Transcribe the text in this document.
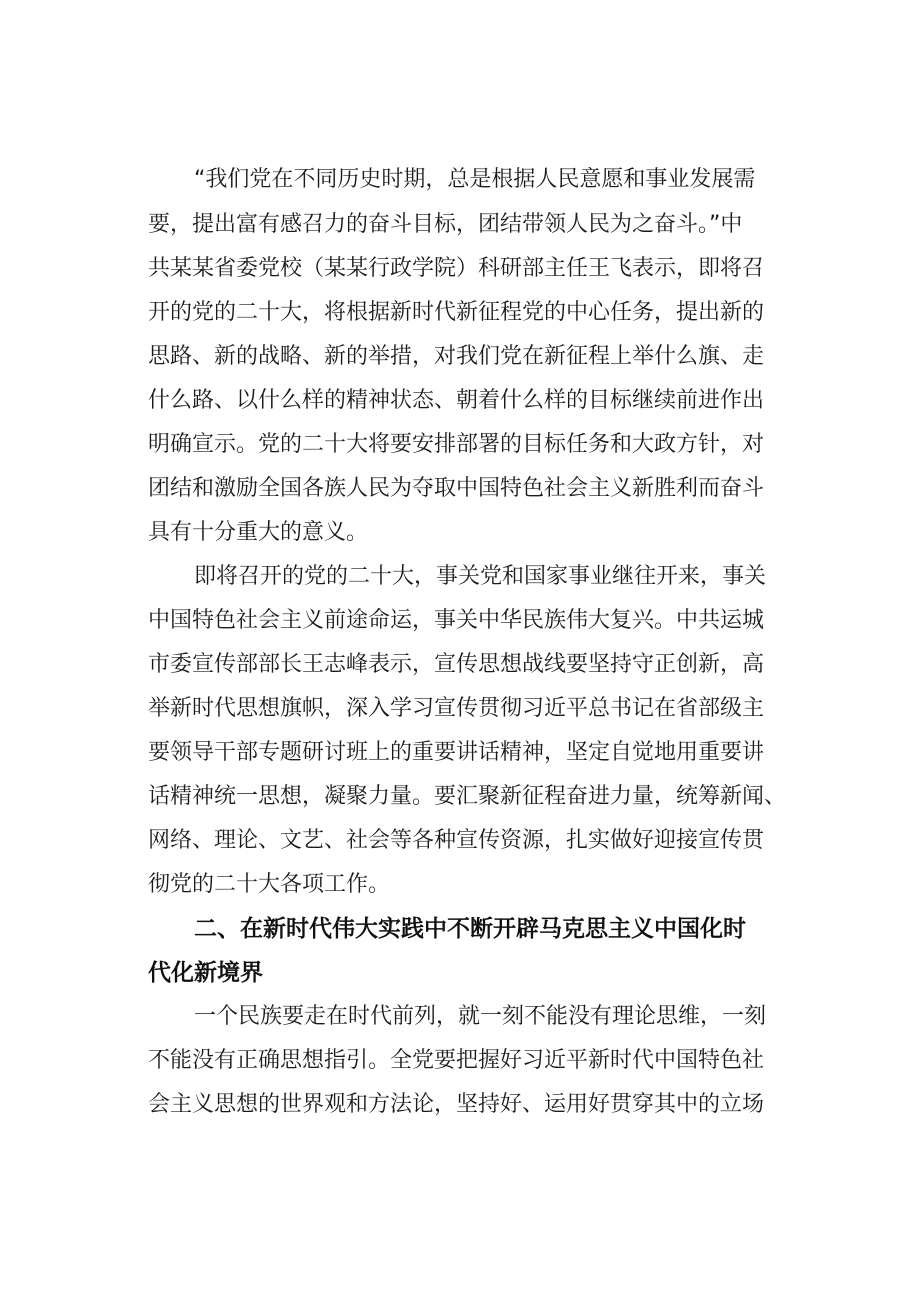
“我们党在不同历史时期，总是根据人民意愿和事业发展需
要，提出富有感召力的奋斗目标，团结带领人民为之奋斗。”中
共某某省委党校（某某行政学院）科研部主任王飞表示，即将召
开的党的二十大，将根据新时代新征程党的中心任务，提出新的
思路、新的战略、新的举措，对我们党在新征程上举什么旗、走
什么路、以什么样的精神状态、朝着什么样的目标继续前进作出
明确宣示。党的二十大将要安排部署的目标任务和大政方针，对
团结和激励全国各族人民为夺取中国特色社会主义新胜利而奋斗
具有十分重大的意义。
即将召开的党的二十大，事关党和国家事业继往开来，事关
中国特色社会主义前途命运，事关中华民族伟大复兴。中共运城
市委宣传部部长王志峰表示，宣传思想战线要坚持守正创新，高
举新时代思想旗帜，深入学习宣传贯彻习近平总书记在省部级主
要领导干部专题研讨班上的重要讲话精神，坚定自觉地用重要讲
话精神统一思想，凝聚力量。要汇聚新征程奋进力量，统筹新闻、
网络、理论、文艺、社会等各种宣传资源，扎实做好迎接宣传贯
彻党的二十大各项工作。
二、在新时代伟大实践中不断开辟马克思主义中国化时
代化新境界
一个民族要走在时代前列，就一刻不能没有理论思维，一刻
不能没有正确思想指引。全党要把握好习近平新时代中国特色社
会主义思想的世界观和方法论，坚持好、运用好贯穿其中的立场
